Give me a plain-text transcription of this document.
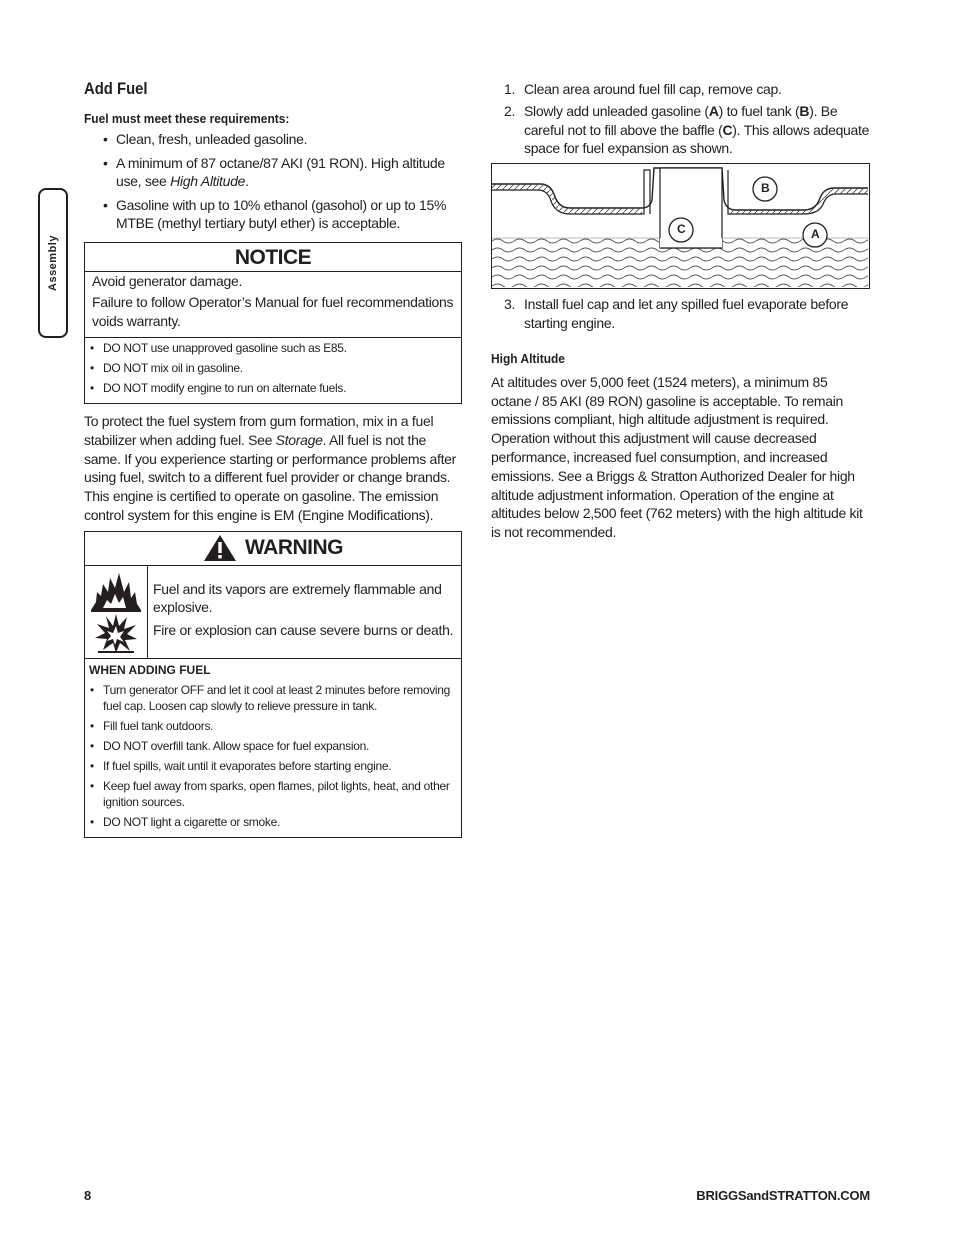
Assembly
Add Fuel
Fuel must meet these requirements:
• Clean, fresh, unleaded gasoline.
• A minimum of 87 octane/87 AKI (91 RON). High altitude use, see High Altitude.
• Gasoline with up to 10% ethanol (gasohol) or up to 15% MTBE (methyl tertiary butyl ether) is acceptable.
NOTICE

Avoid generator damage.

Failure to follow Operator’s Manual for fuel recommendations voids warranty.

• DO NOT use unapproved gasoline such as E85.
• DO NOT mix oil in gasoline.
• DO NOT modify engine to run on alternate fuels.

To protect the fuel system from gum formation, mix in a fuel stabilizer when adding fuel. See Storage. All fuel is not the same. If you experience starting or performance problems after using fuel, switch to a different fuel provider or change brands. This engine is certified to operate on gasoline. The emission control system for this engine is EM (Engine Modifications).

WARNING

Fuel and its vapors are extremely flammable and explosive.

Fire or explosion can cause severe burns or death.

WHEN ADDING FUEL
• Turn generator OFF and let it cool at least 2 minutes before removing fuel cap. Loosen cap slowly to relieve pressure in tank.
• Fill fuel tank outdoors.
• DO NOT overfill tank. Allow space for fuel expansion.
• If fuel spills, wait until it evaporates before starting engine.
• Keep fuel away from sparks, open flames, pilot lights, heat, and other ignition sources.
• DO NOT light a cigarette or smoke.
1. Clean area around fuel fill cap, remove cap.
2. Slowly add unleaded gasoline (A) to fuel tank (B). Be careful not to fill above the baffle (C). This allows adequate space for fuel expansion as shown.
B
C	A
3. Install fuel cap and let any spilled fuel evaporate before starting engine.
High Altitude

At altitudes over 5,000 feet (1524 meters), a minimum 85 octane / 85 AKI (89 RON) gasoline is acceptable. To remain emissions compliant, high altitude adjustment is required. Operation without this adjustment will cause decreased performance, increased fuel consumption, and increased emissions. See a Briggs & Stratton Authorized Dealer for high altitude adjustment information. Operation of the engine at altitudes below 2,500 feet (762 meters) with the high altitude kit is not recommended.

8	BRIGGSandSTRATTON.COM
